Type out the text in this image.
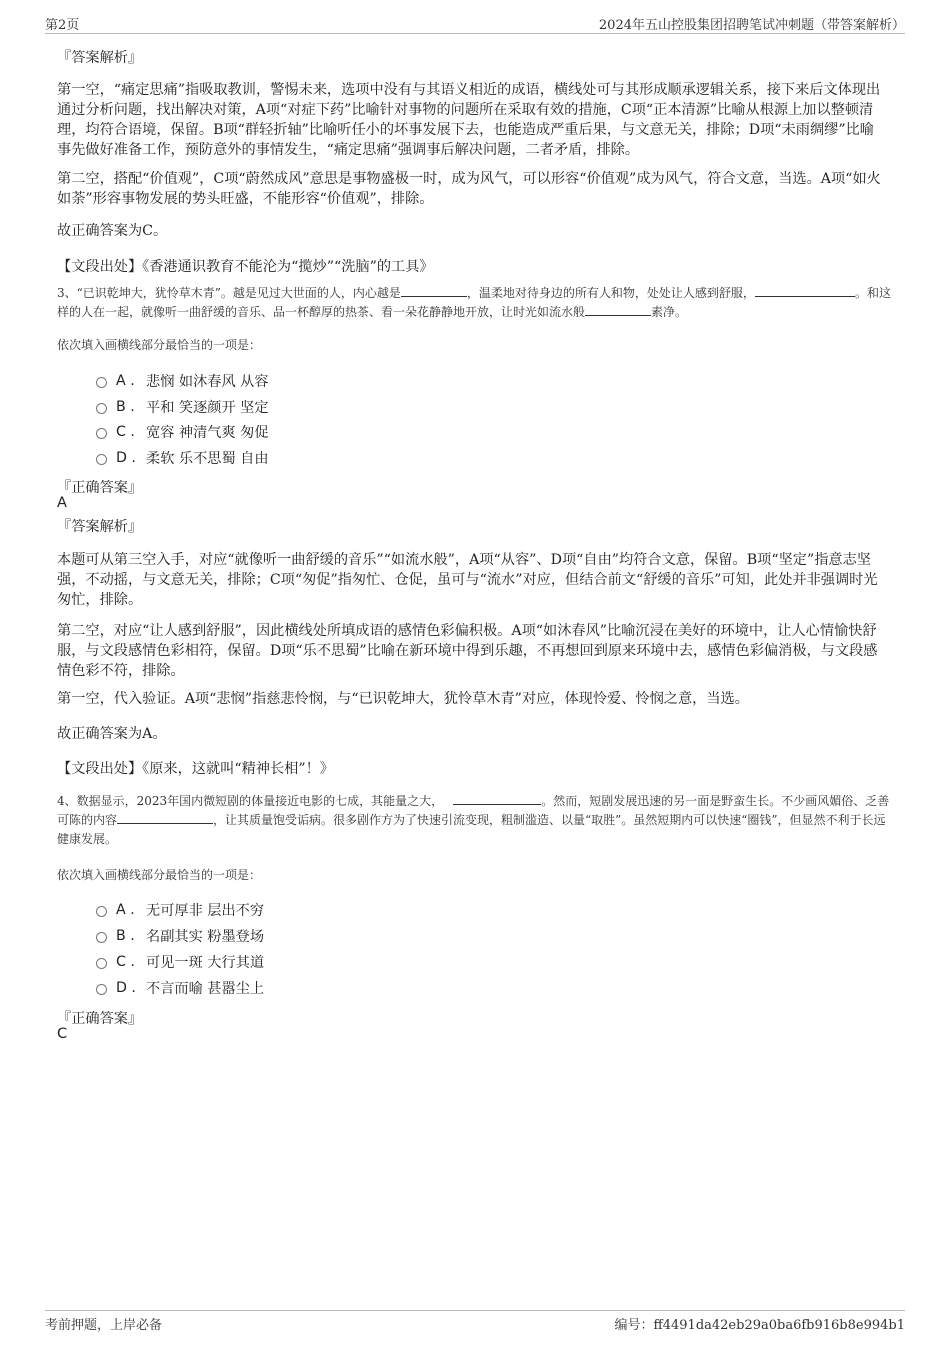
第2页	2024年五山控股集团招聘笔试冲刺题（带答案解析）
『答案解析』
第一空，“痛定思痛”指吸取教训，警惕未来，选项中没有与其语义相近的成语，横线处可与其形成顺承逻辑关系，接下来后文体现出通过分析问题，找出解决对策，A项“对症下药”比喻针对事物的问题所在采取有效的措施，C项“正本清源”比喻从根源上加以整顿清理，均符合语境，保留。B项“群轻折轴”比喻听任小的坏事发展下去，也能造成严重后果，与文意无关，排除；D项“未雨绸缪”比喻事先做好准备工作，预防意外的事情发生，“痛定思痛”强调事后解决问题，二者矛盾，排除。
第二空，搭配“价值观”，C项“蔚然成风”意思是事物盛极一时，成为风气，可以形容“价值观”成为风气，符合文意，当选。A项“如火如荼”形容事物发展的势头旺盛，不能形容“价值观”，排除。
故正确答案为C。
【文段出处】《香港通识教育不能沦为“揽炒”“洗脑”的工具》
3、“已识乾坤大，犹怜草木青”。越是见过大世面的人，内心越是	，温柔地对待身边的所有人和物，处处让人感到舒服，	。和这样的人在一起，就像听一曲舒缓的音乐、品一杯醇厚的热茶、看一朵花静静地开放，让时光如流水般	素净。
依次填入画横线部分最恰当的一项是：
A . 悲悯 如沐春风 从容
B . 平和 笑逐颜开 坚定
C . 宽容 神清气爽 匆促
D . 柔软 乐不思蜀 自由
『正确答案』
A
『答案解析』
本题可从第三空入手，对应“就像听一曲舒缓的音乐”“如流水般”，A项“从容”、D项“自由”均符合文意，保留。B项“坚定”指意志坚强，不动摇，与文意无关，排除；C项“匆促”指匆忙、仓促，虽可与“流水”对应，但结合前文“舒缓的音乐”可知，此处并非强调时光匆忙，排除。
第二空，对应“让人感到舒服”，因此横线处所填成语的感情色彩偏积极。A项“如沐春风”比喻沉浸在美好的环境中，让人心情愉快舒服，与文段感情色彩相符，保留。D项“乐不思蜀”比喻在新环境中得到乐趣，不再想回到原来环境中去，感情色彩偏消极，与文段感情色彩不符，排除。
第一空，代入验证。A项“悲悯”指慈悲怜悯，与“已识乾坤大，犹怜草木青”对应，体现怜爱、怜悯之意，当选。
故正确答案为A。
【文段出处】《原来，这就叫“精神长相”！》
4、数据显示，2023年国内微短剧的体量接近电影的七成，其能量之大，	。然而，短剧发展迅速的另一面是野蛮生长。不少画风媚俗、乏善可陈的内容	，让其质量饱受诟病。很多剧作方为了快速引流变现，粗制滥造、以量“取胜”。虽然短期内可以快速“圈钱”，但显然不利于长远健康发展。
依次填入画横线部分最恰当的一项是：
A . 无可厚非 层出不穷
B . 名副其实 粉墨登场
C . 可见一斑 大行其道
D . 不言而喻 甚嚣尘上
『正确答案』
C
考前押题，上岸必备	编号：ff4491da42eb29a0ba6fb916b8e994b1
